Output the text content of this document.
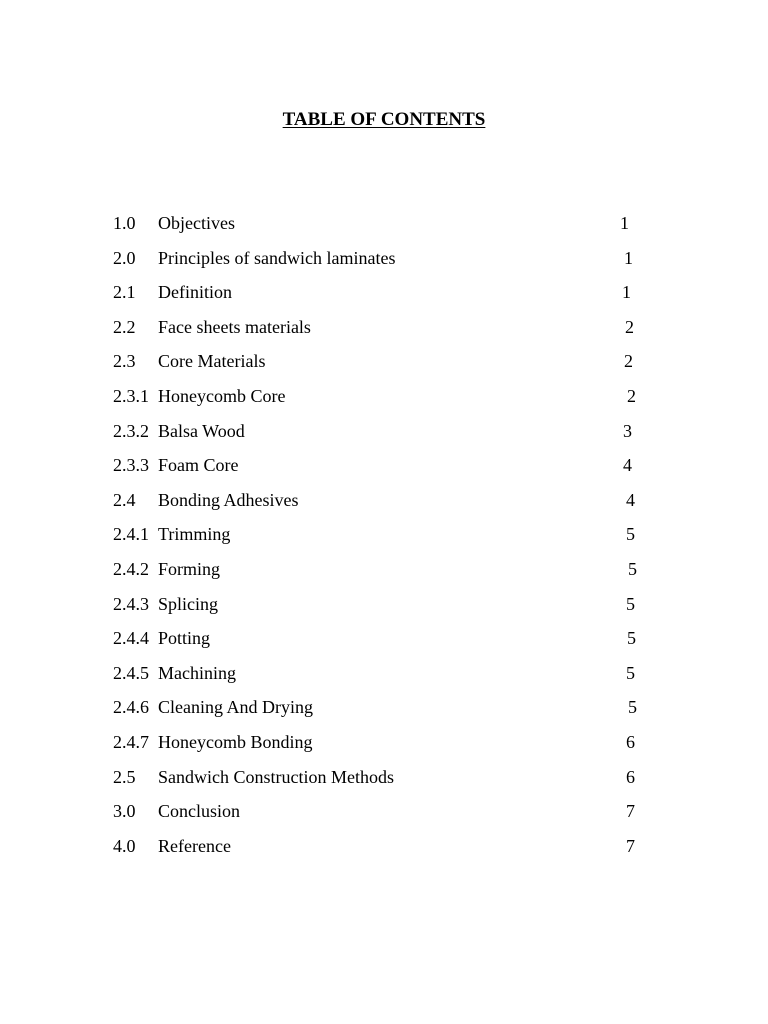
TABLE OF CONTENTS
1.0 Objectives	1
2.0 Principles of sandwich laminates	1
2.1 Definition	1
2.2 Face sheets materials	2
2.3 Core Materials	2
2.3.1 Honeycomb Core	2
2.3.2 Balsa Wood	3
2.3.3 Foam Core	4
2.4 Bonding Adhesives	4
2.4.1 Trimming	5
2.4.2 Forming	5
2.4.3 Splicing	5
2.4.4 Potting	5
2.4.5 Machining	5
2.4.6 Cleaning And Drying	5
2.4.7 Honeycomb Bonding	6
2.5 Sandwich Construction Methods	6
3.0 Conclusion	7
4.0 Reference	7
